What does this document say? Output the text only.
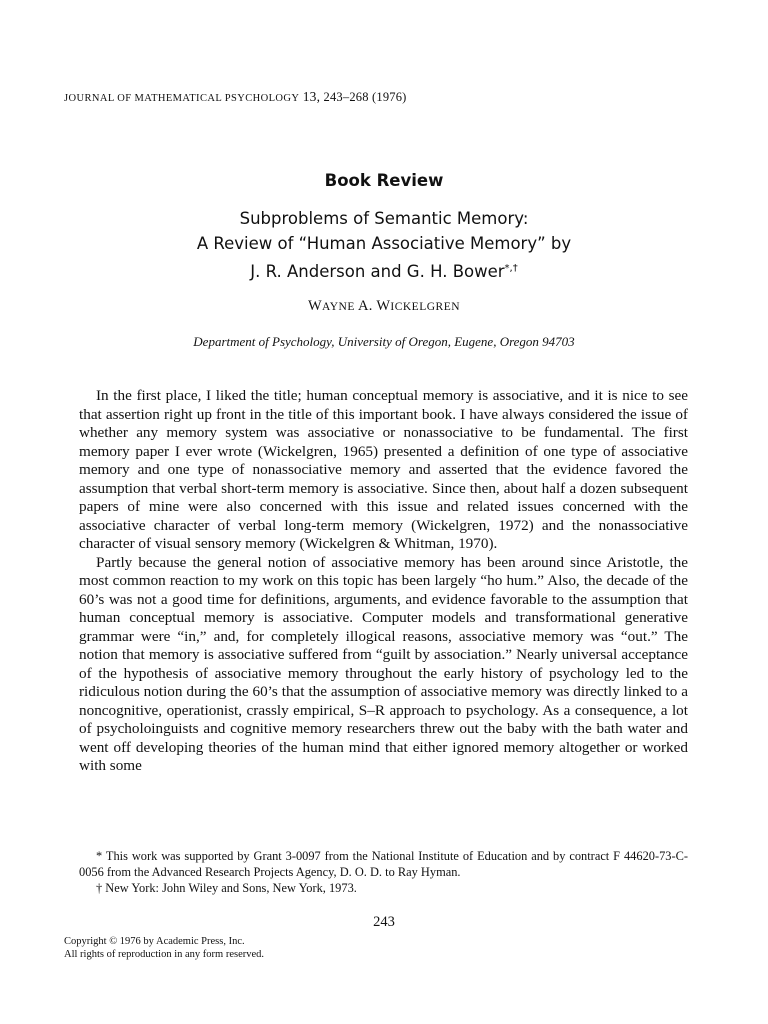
JOURNAL OF MATHEMATICAL PSYCHOLOGY 13, 243–268 (1976)
Book Review
Subproblems of Semantic Memory:
A Review of “Human Associative Memory” by
J. R. Anderson and G. H. Bower*,†
WAYNE A. WICKELGREN
Department of Psychology, University of Oregon, Eugene, Oregon 94703

In the first place, I liked the title; human conceptual memory is associative, and it is nice to see that assertion right up front in the title of this important book. I have always considered the issue of whether any memory system was associative or nonassociative to be fundamental. The first memory paper I ever wrote (Wickelgren, 1965) presented a definition of one type of associative memory and one type of nonassociative memory and asserted that the evidence favored the assumption that verbal short-term memory is associative. Since then, about half a dozen subsequent papers of mine were also concerned with this issue and related issues concerned with the associative character of verbal long-term memory (Wickelgren, 1972) and the nonassociative character of visual sensory memory (Wickelgren & Whitman, 1970).

Partly because the general notion of associative memory has been around since Aristotle, the most common reaction to my work on this topic has been largely “ho hum.” Also, the decade of the 60’s was not a good time for definitions, arguments, and evidence favorable to the assumption that human conceptual memory is associative. Computer models and transformational generative grammar were “in,” and, for completely illogical reasons, associative memory was “out.” The notion that memory is associative suffered from “guilt by association.” Nearly universal acceptance of the hypothesis of associative memory throughout the early history of psychology led to the ridiculous notion during the 60’s that the assumption of associative memory was directly linked to a noncognitive, operationist, crassly empirical, S–R approach to psychology. As a consequence, a lot of psycholoinguists and cognitive memory researchers threw out the baby with the bath water and went off developing theories of the human mind that either ignored memory altogether or worked with some

* This work was supported by Grant 3-0097 from the National Institute of Education and by contract F 44620-73-C-0056 from the Advanced Research Projects Agency, D. O. D. to Ray Hyman.

† New York: John Wiley and Sons, New York, 1973.

243
Copyright © 1976 by Academic Press, Inc.
All rights of reproduction in any form reserved.
